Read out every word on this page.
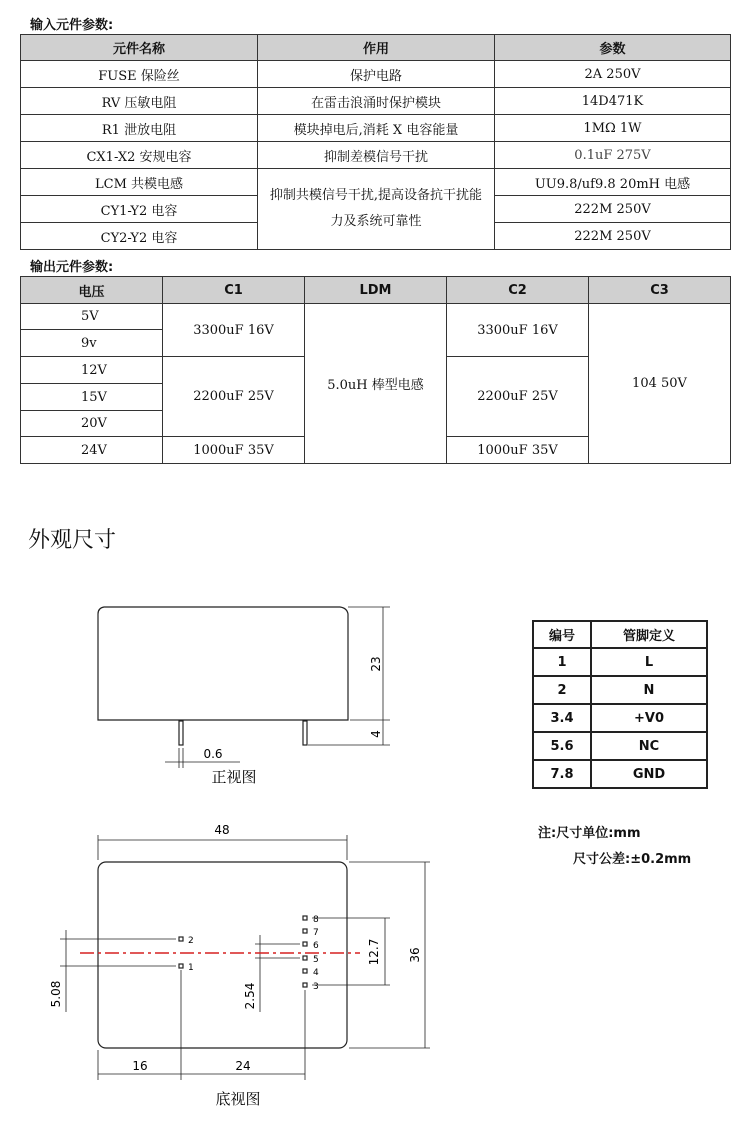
输入元件参数:
元件名称	作用	参数
FUSE 保险丝	保护电路	2A 250V
RV 压敏电阻	在雷击浪涌时保护模块	14D471K
R1 泄放电阻	模块掉电后,消耗 X 电容能量	1MΩ 1W
CX1-X2 安规电容	抑制差模信号干扰	0.1uF 275V
LCM 共模电感	抑制共模信号干扰,提高设备抗干扰能力及系统可靠性	UU9.8/uf9.8 20mH 电感
CY1-Y2 电容		222M 250V
CY2-Y2 电容		222M 250V
输出元件参数:
电压	C1	LDM	C2	C3
5V	3300uF 16V	5.0uH 棒型电感	3300uF 16V	104 50V
9v				
12V	2200uF 25V		2200uF 25V	
15V				
20V				
24V	1000uF 35V		1000uF 35V	
外观尺寸
23
4
0.6
正视图
48
36
12.7
5.08	2.54
16	24
2
1
8
7
6
5
4
3
底视图
编号	管脚定义
1	L
2	N
3.4	+V0
5.6	NC
7.8	GND
注:尺寸单位:mm
尺寸公差:±0.2mm
